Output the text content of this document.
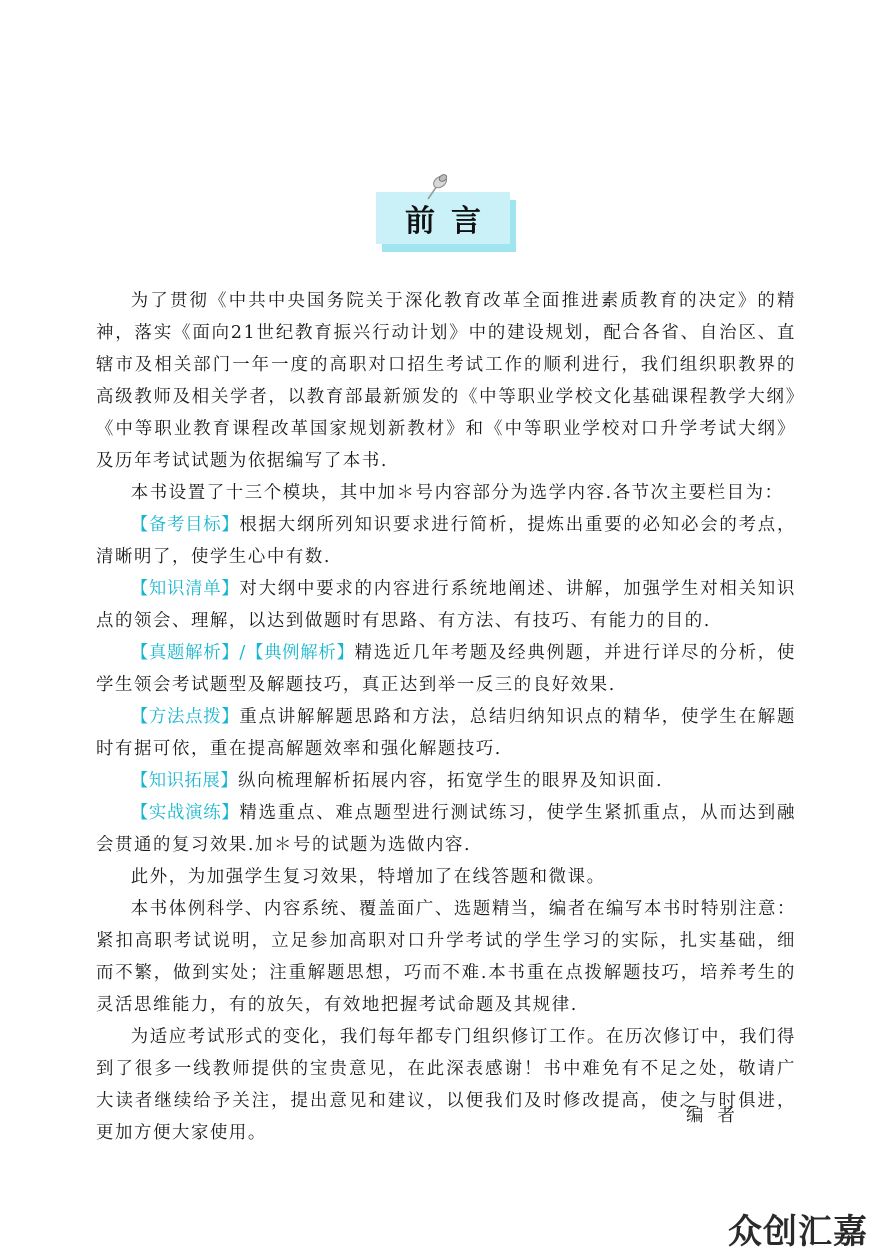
前言

为了贯彻《中共中央国务院关于深化教育改革全面推进素质教育的决定》的精神，落实《面向21世纪教育振兴行动计划》中的建设规划，配合各省、自治区、直辖市及相关部门一年一度的高职对口招生考试工作的顺利进行，我们组织职教界的高级教师及相关学者，以教育部最新颁发的《中等职业学校文化基础课程教学大纲》《中等职业教育课程改革国家规划新教材》和《中等职业学校对口升学考试大纲》及历年考试试题为依据编写了本书.

本书设置了十三个模块，其中加＊号内容部分为选学内容.各节次主要栏目为：

【备考目标】根据大纲所列知识要求进行简析，提炼出重要的必知必会的考点，清晰明了，使学生心中有数.

【知识清单】对大纲中要求的内容进行系统地阐述、讲解，加强学生对相关知识点的领会、理解，以达到做题时有思路、有方法、有技巧、有能力的目的.

【真题解析】/【典例解析】精选近几年考题及经典例题，并进行详尽的分析，使学生领会考试题型及解题技巧，真正达到举一反三的良好效果.

【方法点拨】重点讲解解题思路和方法，总结归纳知识点的精华，使学生在解题时有据可依，重在提高解题效率和强化解题技巧.

【知识拓展】纵向梳理解析拓展内容，拓宽学生的眼界及知识面.

【实战演练】精选重点、难点题型进行测试练习，使学生紧抓重点，从而达到融会贯通的复习效果.加＊号的试题为选做内容.

此外，为加强学生复习效果，特增加了在线答题和微课。

本书体例科学、内容系统、覆盖面广、选题精当，编者在编写本书时特别注意：紧扣高职考试说明，立足参加高职对口升学考试的学生学习的实际，扎实基础，细而不繁，做到实处；注重解题思想，巧而不难.本书重在点拨解题技巧，培养考生的灵活思维能力，有的放矢，有效地把握考试命题及其规律.

为适应考试形式的变化，我们每年都专门组织修订工作。在历次修订中，我们得到了很多一线教师提供的宝贵意见，在此深表感谢！书中难免有不足之处，敬请广大读者继续给予关注，提出意见和建议，以便我们及时修改提高，使之与时俱进，更加方便大家使用。

编者
众创汇嘉
